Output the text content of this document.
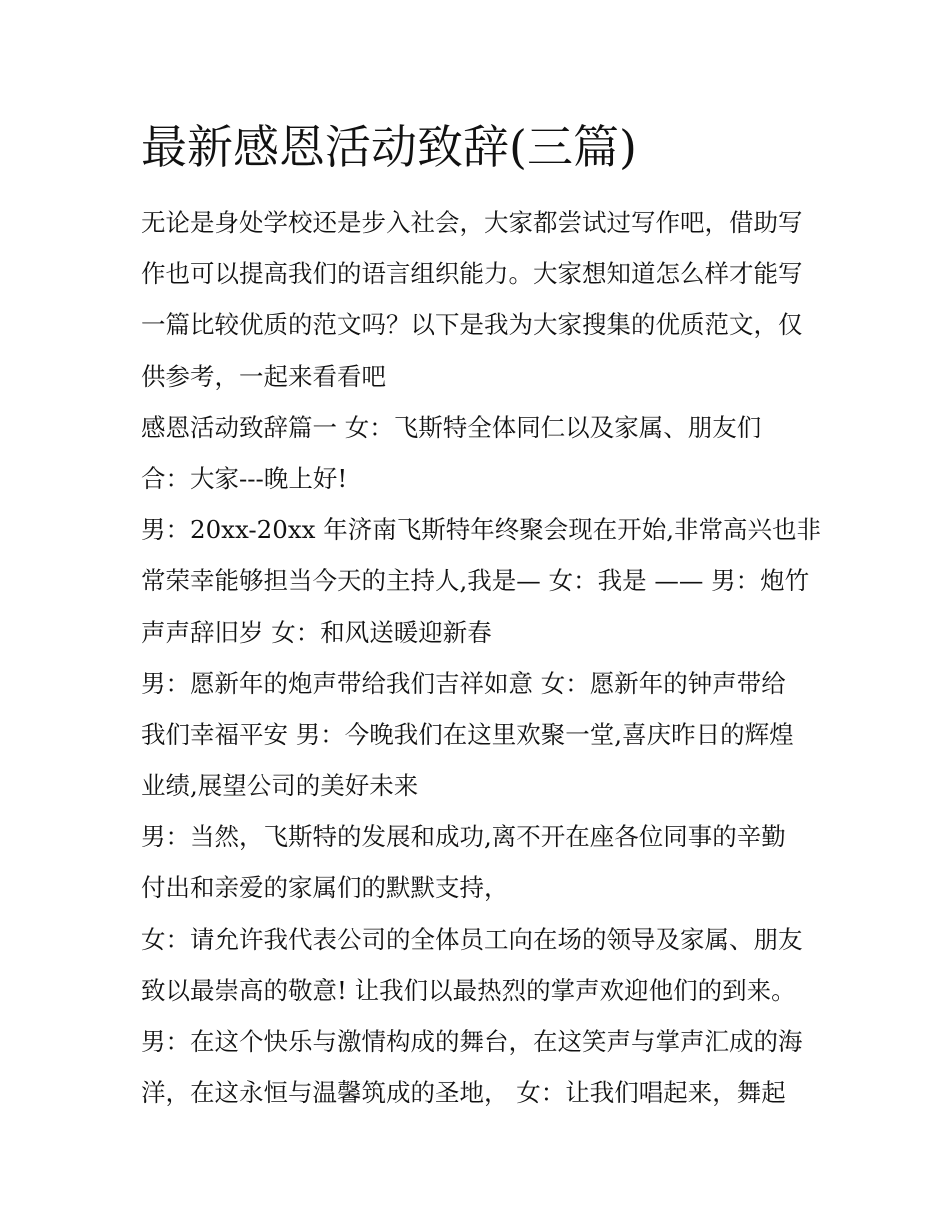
最新感恩活动致辞(三篇)
无论是身处学校还是步入社会，大家都尝试过写作吧，借助写
作也可以提高我们的语言组织能力。大家想知道怎么样才能写
一篇比较优质的范文吗？以下是我为大家搜集的优质范文，仅
供参考，一起来看看吧
感恩活动致辞篇一 女：飞斯特全体同仁以及家属、朋友们
合：大家---晚上好!
男：20xx-20xx 年济南飞斯特年终聚会现在开始,非常高兴也非
常荣幸能够担当今天的主持人,我是— 女：我是 —— 男：炮竹
声声辞旧岁 女：和风送暖迎新春
男：愿新年的炮声带给我们吉祥如意 女：愿新年的钟声带给
我们幸福平安 男：今晚我们在这里欢聚一堂,喜庆昨日的辉煌
业绩,展望公司的美好未来
男：当然，飞斯特的发展和成功,离不开在座各位同事的辛勤
付出和亲爱的家属们的默默支持，
女：请允许我代表公司的全体员工向在场的领导及家属、朋友
致以最崇高的敬意! 让我们以最热烈的掌声欢迎他们的到来。
男：在这个快乐与激情构成的舞台，在这笑声与掌声汇成的海
洋，在这永恒与温馨筑成的圣地， 女：让我们唱起来，舞起
